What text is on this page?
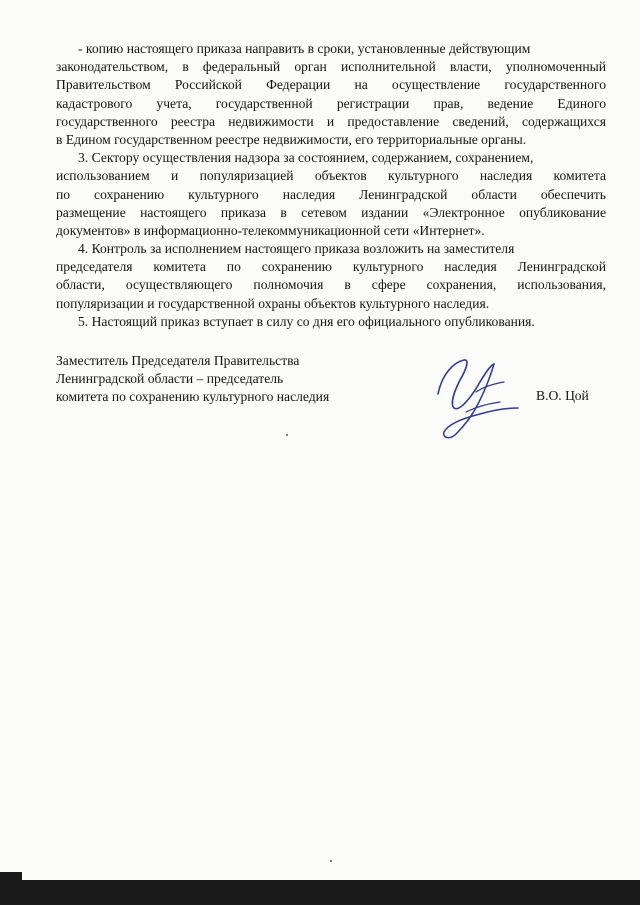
- копию настоящего приказа направить в сроки, установленные действующим
законодательством, в федеральный орган исполнительной власти, уполномоченный
Правительством Российской Федерации на осуществление государственного
кадастрового учета, государственной регистрации прав, ведение Единого
государственного реестра недвижимости и предоставление сведений, содержащихся
в Едином государственном реестре недвижимости, его территориальные органы.
3. Сектору осуществления надзора за состоянием, содержанием, сохранением,
использованием и популяризацией объектов культурного наследия комитета
по сохранению культурного наследия Ленинградской области обеспечить
размещение настоящего приказа в сетевом издании «Электронное опубликование
документов» в информационно-телекоммуникационной сети «Интернет».
4. Контроль за исполнением настоящего приказа возложить на заместителя
председателя комитета по сохранению культурного наследия Ленинградской
области, осуществляющего полномочия в сфере сохранения, использования,
популяризации и государственной охраны объектов культурного наследия.
5. Настоящий приказ вступает в силу со дня его официального опубликования.
Заместитель Председателя Правительства
Ленинградской области – председатель
комитета по сохранению культурного наследия	В.О. Цой
